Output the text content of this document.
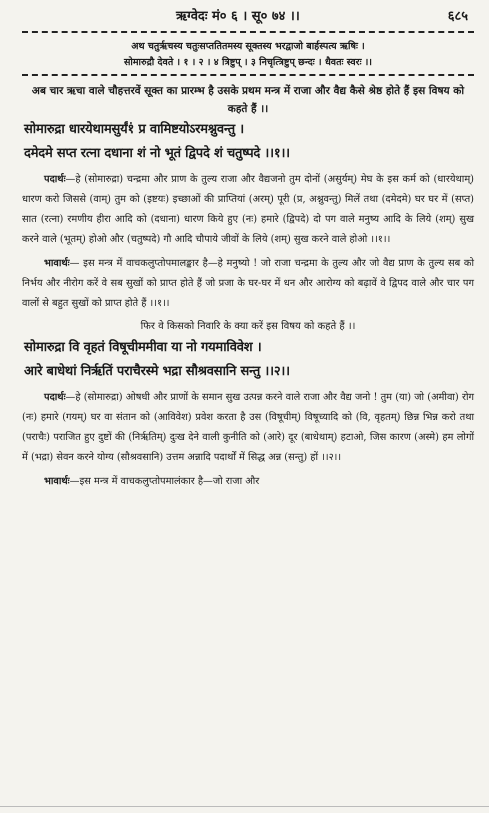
ऋग्वेदः मं० ६ । सू० ७४ ।।	६८५
अथ चतुर्ऋचस्य चतुःसप्ततितमस्य सूक्तस्य भरद्वाजो बार्हस्पत्य ऋषिः ।
सोमारुद्रौ देवते । १ । २ । ४ त्रिष्टुप् । ३ निचृत्त्रिष्टुप् छन्दः । धैवतः स्वरः ।।
अब चार ऋचा वाले चौहत्तरवें सूक्त का प्रारम्भ है उसके प्रथम मन्त्र में राजा और वैद्य कैसे श्रेष्ठ होते हैं इस विषय को कहते हैं ।।
सोमारुद्रा धारयेथामसुर्यं१ं प्र वामिष्टयोऽरमश्नुवन्तु ।
दमेदमे सप्त रत्ना दधाना शं नो भूतं द्विपदे शं चतुष्पदे ।।१।।
पदार्थः—हे (सोमारुद्रा) चन्द्रमा और प्राण के तुल्य राजा और वैद्यजनो तुम दोनों (असुर्यम्) मेघ के इस कर्म को (धारयेथाम्) धारण करो जिससे (वाम्) तुम को (इष्टयः) इच्छाओं की प्राप्तियां (अरम्) पूरी (प्र, अश्नुवन्तु) मिलें तथा (दमेदमे) घर घर में (सप्त) सात (रत्ना) रमणीय हीरा आदि को (दधाना) धारण किये हुए (नः) हमारे (द्विपदे) दो पग वाले मनुष्य आदि के लिये (शम्) सुख करने वाले (भूतम्) होओ और (चतुष्पदे) गौ आदि चौपाये जीवों के लिये (शम्) सुख करने वाले होओ ।।१।।
भावार्थः— इस मन्त्र में वाचकलुप्तोपमालङ्कार है—हे मनुष्यो ! जो राजा चन्द्रमा के तुल्य और जो वैद्य प्राण के तुल्य सब को निर्भय और नीरोग करें वे सब सुखों को प्राप्त होते हैं जो प्रजा के घर-घर में धन और आरोग्य को बढ़ावें वे द्विपद वाले और चार पग वालों से बहुत सुखों को प्राप्त होते हैं ।।१।।
फिर वे किसको निवारि के क्या करें इस विषय को कहते हैं ।।
सोमारुद्रा वि वृहतं विषूचीममीवा या नो गयमाविवेश ।
आरे बाधेथां निर्ऋतिं पराचैरस्मे भद्रा सौश्रवसानि सन्तु ।।२।।
पदार्थः—हे (सोमारुद्रा) ओषधी और प्राणों के समान सुख उत्पन्न करने वाले राजा और वैद्य जनो ! तुम (या) जो (अमीवा) रोग (नः) हमारे (गयम्) घर वा संतान को (आविवेश) प्रवेश करता है उस (विषूचीम्) विषूच्यादि को (वि, वृहतम्) छिन्न भिन्न करो तथा (पराचैः) पराजित हुए दुष्टों की (निर्ऋतिम्) दुःख देने वाली कुनीति को (आरे) दूर (बाधेथाम्) हटाओ, जिस कारण (अस्मे) हम लोगों में (भद्रा) सेवन करने योग्य (सौश्रवसानि) उत्तम अन्नादि पदार्थों में सिद्ध अन्न (सन्तु) हों ।।२।।
भावार्थः—इस मन्त्र में वाचकलुप्तोपमालंकार है—जो राजा और
